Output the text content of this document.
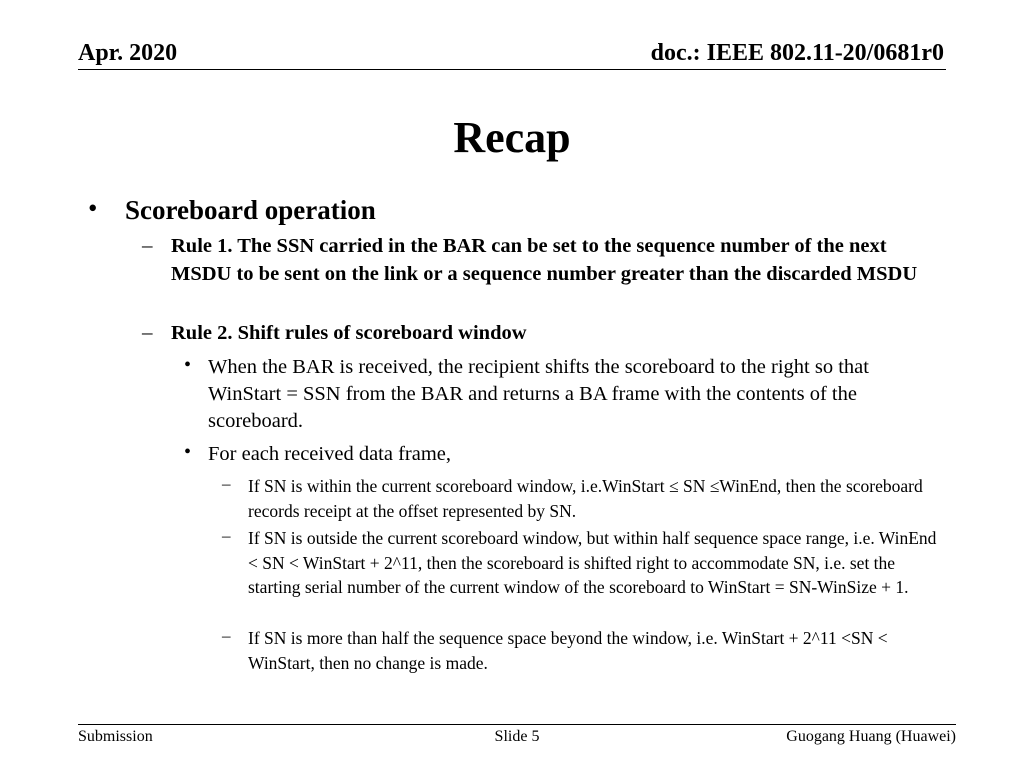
Apr. 2020	doc.: IEEE 802.11-20/0681r0
Recap
• Scoreboard operation
– Rule 1. The SSN carried in the BAR can be set to the sequence number of the next MSDU to be sent on the link or a sequence number greater than the discarded MSDU
– Rule 2. Shift rules of scoreboard window
• When the BAR is received, the recipient shifts the scoreboard to the right so that WinStart = SSN from the BAR and returns a BA frame with the contents of the scoreboard.
• For each received data frame,
– If SN is within the current scoreboard window, i.e.WinStart ≤ SN ≤WinEnd, then the scoreboard records receipt at the offset represented by SN.
– If SN is outside the current scoreboard window, but within half sequence space range, i.e. WinEnd < SN < WinStart + 2^11, then the scoreboard is shifted right to accommodate SN, i.e. set the starting serial number of the current window of the scoreboard to WinStart = SN-WinSize + 1.
– If SN is more than half the sequence space beyond the window, i.e. WinStart + 2^11 <SN < WinStart, then no change is made.
Submission	Slide 5	Guogang Huang (Huawei)
